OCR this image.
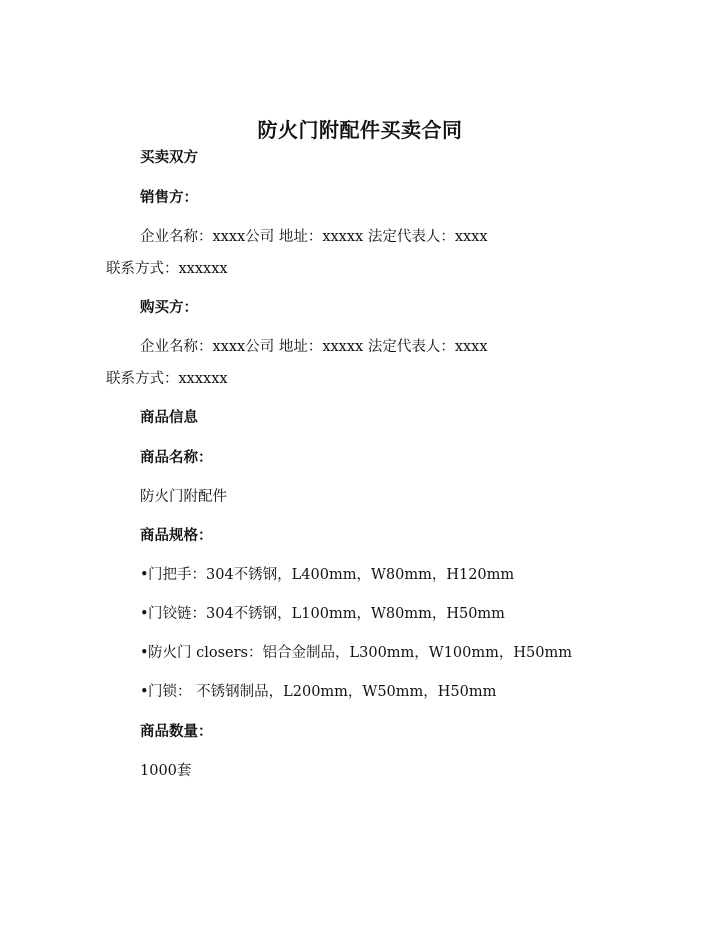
防火门附配件买卖合同
买卖双方
销售方：
企业名称：xxxx公司 地址：xxxxx 法定代表人：xxxx
联系方式：xxxxxx
购买方：
企业名称：xxxx公司 地址：xxxxx 法定代表人：xxxx
联系方式：xxxxxx
商品信息
商品名称：
防火门附配件
商品规格：
•门把手：304不锈钢，L400mm，W80mm，H120mm
•门铰链：304不锈钢，L100mm，W80mm，H50mm
•防火门 closers：铝合金制品，L300mm，W100mm，H50mm
•门锁： 不锈钢制品，L200mm，W50mm，H50mm
商品数量：
1000套
